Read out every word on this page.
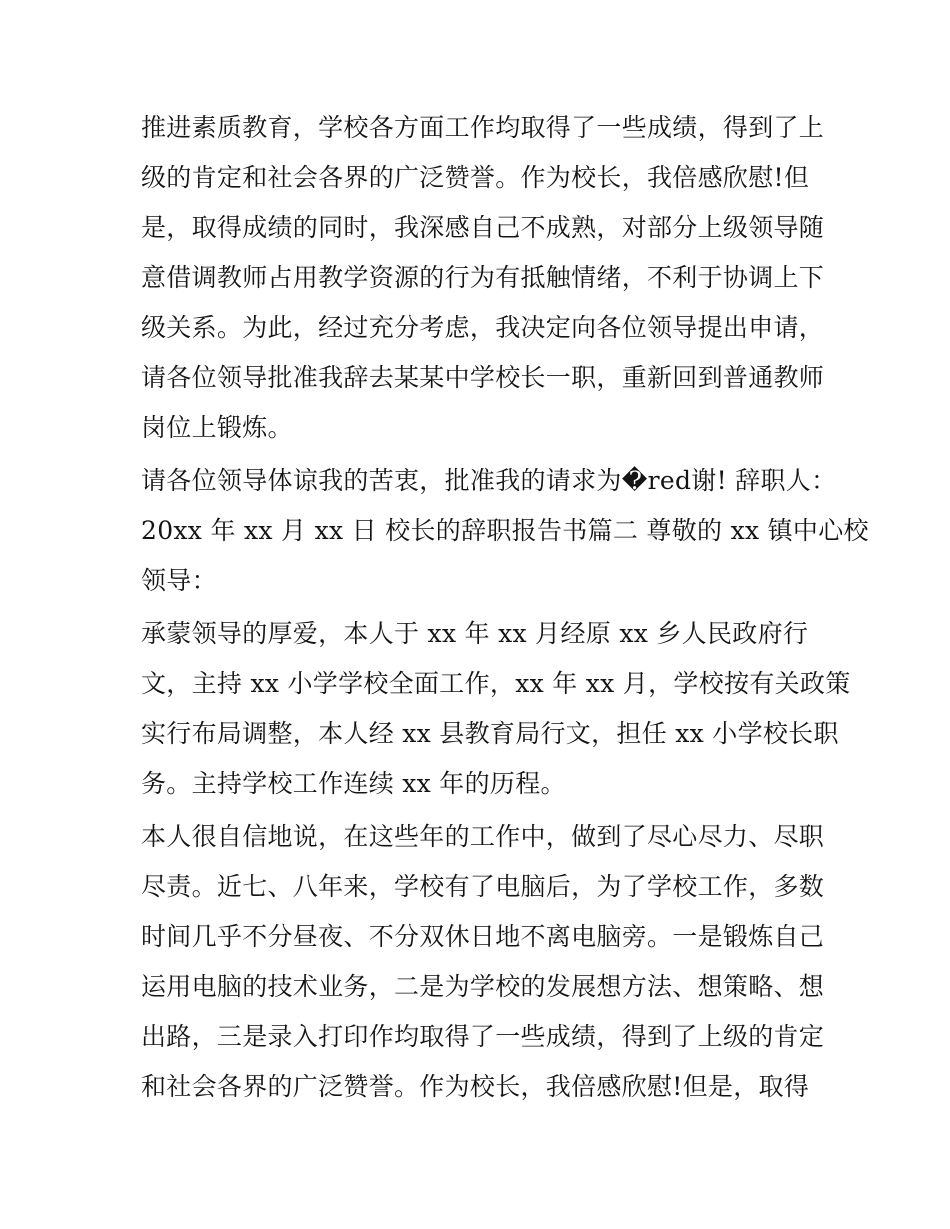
推进素质教育，学校各方面工作均取得了一些成绩，得到了上
级的肯定和社会各界的广泛赞誉。作为校长，我倍感欣慰!但
是，取得成绩的同时，我深感自己不成熟，对部分上级领导随
意借调教师占用教学资源的行为有抵触情绪，不利于协调上下
级关系。为此，经过充分考虑，我决定向各位领导提出申请，
请各位领导批准我辞去某某中学校长一职，重新回到普通教师
岗位上锻炼。
请各位领导体谅我的苦衷，批准我的请求为�red谢! 辞职人：
20xx 年 xx 月 xx 日 校长的辞职报告书篇二 尊敬的 xx 镇中心校
领导：
承蒙领导的厚爱，本人于 xx 年 xx 月经原 xx 乡人民政府行
文，主持 xx 小学学校全面工作，xx 年 xx 月，学校按有关政策
实行布局调整，本人经 xx 县教育局行文，担任 xx 小学校长职
务。主持学校工作连续 xx 年的历程。
本人很自信地说，在这些年的工作中，做到了尽心尽力、尽职
尽责。近七、八年来，学校有了电脑后，为了学校工作，多数
时间几乎不分昼夜、不分双休日地不离电脑旁。一是锻炼自己
运用电脑的技术业务，二是为学校的发展想方法、想策略、想
出路，三是录入打印作均取得了一些成绩，得到了上级的肯定
和社会各界的广泛赞誉。作为校长，我倍感欣慰!但是，取得
